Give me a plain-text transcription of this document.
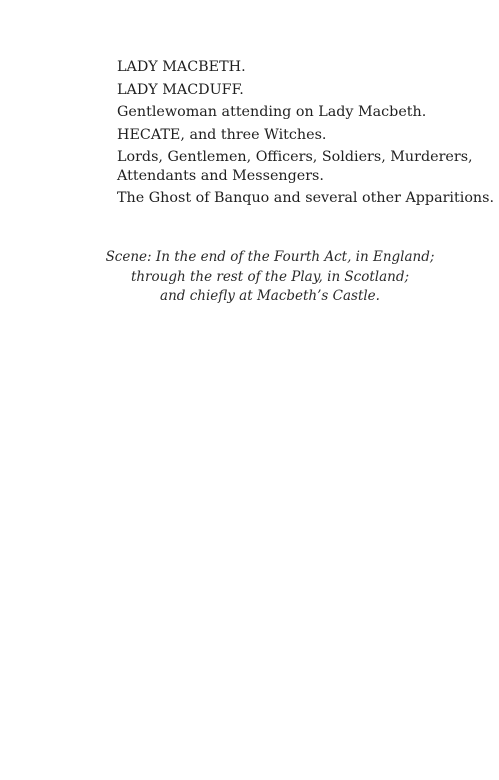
LADY MACBETH.
LADY MACDUFF.
Gentlewoman attending on Lady Macbeth.
HECATE, and three Witches.
Lords, Gentlemen, Officers, Soldiers, Murderers,
Attendants and Messengers.
The Ghost of Banquo and several other Apparitions.

Scene: In the end of the Fourth Act, in England;
through the rest of the Play, in Scotland;
and chiefly at Macbeth’s Castle.
